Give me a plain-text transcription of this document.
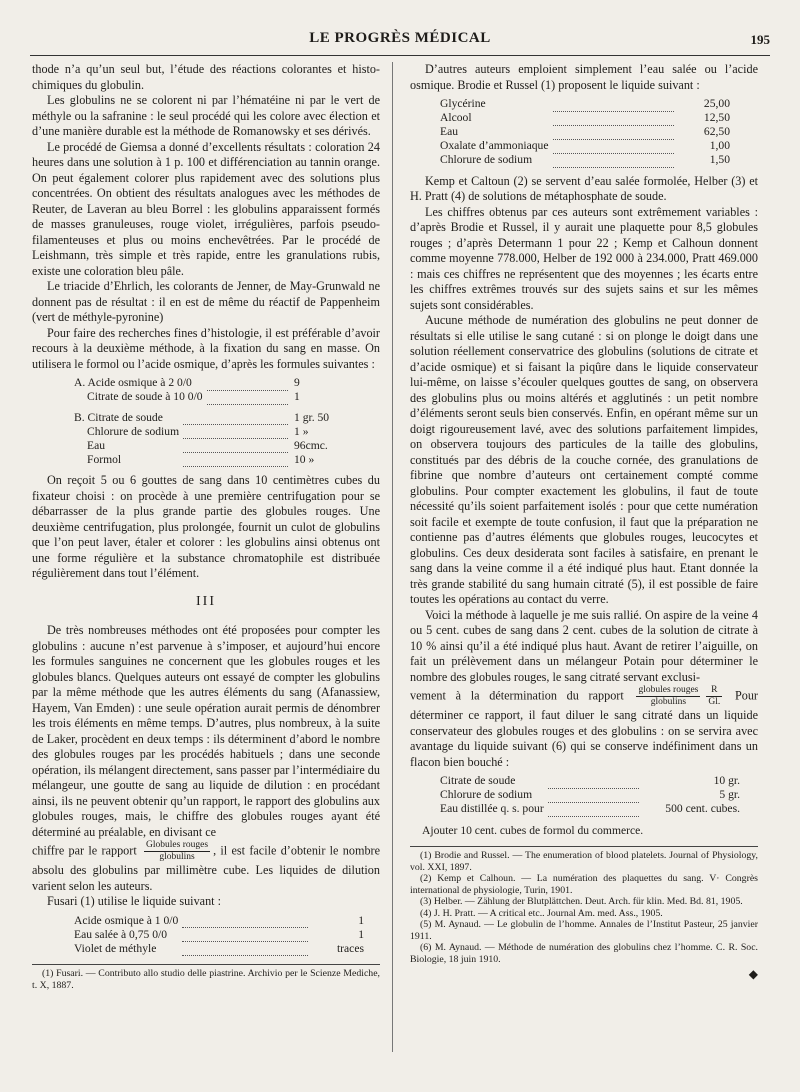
LE PROGRÈS MÉDICAL	195

thode n’a qu’un seul but, l’étude des réactions colorantes et histo-chimiques du globulin.

Les globulins ne se colorent ni par l’hématéine ni par le vert de méthyle ou la safranine : le seul procédé qui les colore avec élection et d’une manière durable est la méthode de Romanowsky et ses dérivés.

Le procédé de Giemsa a donné d’excellents résultats : coloration 24 heures dans une solution à 1 p. 100 et différenciation au tannin orange. On peut également colorer plus rapidement avec des solutions plus concentrées. On obtient des résultats analogues avec les méthodes de Reuter, de Laveran au bleu Borrel : les globulins apparaissent formés de masses granuleuses, rouge violet, irrégulières, parfois pseudo-filamenteuses et plus ou moins enchevêtrées. Par le procédé de Leishmann, très simple et très rapide, entre les granulations rubis, existe une coloration bleu pâle.

Le triacide d’Ehrlich, les colorants de Jenner, de May-Grunwald ne donnent pas de résultat : il en est de même du réactif de Pappenheim (vert de méthyle-pyronine)

Pour faire des recherches fines d’histologie, il est préférable d’avoir recours à la deuxième méthode, à la fixation du sang en masse. On utilisera le formol ou l’acide osmique, d’après les formules suivantes :

A. Acide osmique à 2 0/0		9
Citrate de soude à 10 0/0		1
B. Citrate de soude		1 gr. 50
Chlorure de sodium		1 »
Eau		96cmc.
Formol		10 »

On reçoit 5 ou 6 gouttes de sang dans 10 centimètres cubes du fixateur choisi : on procède à une première centrifugation pour se débarrasser de la plus grande partie des globules rouges. Une deuxième centrifugation, plus prolongée, fournit un culot de globulins que l’on peut laver, étaler et colorer : les globulins ainsi obtenus ont une forme régulière et la substance chromatophile est distribuée régulièrement dans tout l’élément.

III

De très nombreuses méthodes ont été proposées pour compter les globulins : aucune n’est parvenue à s’imposer, et aujourd’hui encore les formules sanguines ne concernent que les globules rouges et les globules blancs. Quelques auteurs ont essayé de compter les globulins par la même méthode que les autres éléments du sang (Afanassiew, Hayem, Van Emden) : une seule opération aurait permis de dénombrer les trois éléments en même temps. D’autres, plus nombreux, à la suite de Laker, procèdent en deux temps : ils déterminent d’abord le nombre des globules rouges par les procédés habituels ; dans une seconde opération, ils mélangent directement, sans passer par l’intermédiaire du mélangeur, une goutte de sang au liquide de dilution : en procédant ainsi, ils ne peuvent obtenir qu’un rapport, le rapport des globulins aux globules rouges, mais, le chiffre des globules rouges ayant été déterminé au préalable, en divisant ce

chiffre par le rapport $\frac{\text{Globules rouges}}{\text{globulins}}$ , il est facile d’obtenir le nombre absolu des globulins par millimètre cube. Les liquides de dilution varient selon les auteurs.

Fusari (1) utilise le liquide suivant :

Acide osmique à 1 0/0		1
Eau salée à 0,75 0/0		1
Violet de méthyle		traces

(1) Fusari. — Contributo allo studio delle piastrine. Archivio per le Scienze Mediche, t. X, 1887.

D’autres auteurs emploient simplement l’eau salée ou l’acide osmique. Brodie et Russel (1) proposent le liquide suivant :

Glycérine		25,00
Alcool		12,50
Eau		62,50
Oxalate d’ammoniaque		1,00
Chlorure de sodium		1,50

Kemp et Caltoun (2) se servent d’eau salée formolée, Helber (3) et H. Pratt (4) de solutions de métaphosphate de soude.

Les chiffres obtenus par ces auteurs sont extrêmement variables : d’après Brodie et Russel, il y aurait une plaquette pour 8,5 globules rouges ; d’après Determann 1 pour 22 ; Kemp et Calhoun donnent comme moyenne 778.000, Helber de 192 000 à 234.000, Pratt 469.000 : mais ces chiffres ne représentent que des moyennes ; les écarts entre les chiffres extrêmes trouvés sur des sujets sains et sur les mêmes sujets sont considérables.

Aucune méthode de numération des globulins ne peut donner de résultats si elle utilise le sang cutané : si on plonge le doigt dans une solution réellement conservatrice des globulins (solutions de citrate et d’acide osmique) et si faisant la piqûre dans le liquide conservateur lui-même, on laisse s’écouler quelques gouttes de sang, on observera des globulins plus ou moins altérés et agglutinés : un petit nombre d’éléments seront seuls bien conservés. Enfin, en opérant même sur un doigt rigoureusement lavé, avec des solutions parfaitement limpides, on observera toujours des particules de la taille des globulins, constitués par des débris de la couche cornée, des granulations de fibrine que nombre d’auteurs ont certainement compté comme globulins. Pour compter exactement les globulins, il faut de toute nécessité qu’ils soient parfaitement isolés : pour que cette numération soit facile et exempte de toute confusion, il faut que la préparation ne contienne pas d’autres éléments que globules rouges, leucocytes et globulins. Ces deux desiderata sont faciles à satisfaire, en prenant le sang dans la veine comme il a été indiqué plus haut. Etant donnée la très grande stabilité du sang humain citraté (5), il est possible de faire toutes les opérations au contact du verre.

Voici la méthode à laquelle je me suis rallié. On aspire de la veine 4 ou 5 cent. cubes de sang dans 2 cent. cubes de la solution de citrate à 10 % ainsi qu’il a été indiqué plus haut. Avant de retirer l’aiguille, on fait un prélèvement dans un mélangeur Potain pour déterminer le nombre des globules rouges, le sang citraté servant exclusi-

vement à la détermination du rapport $\frac{\text{globules rouges}}{\text{globulins}} \frac{R}{Gl.}$ Pour déterminer ce rapport, il faut diluer le sang citraté dans un liquide conservateur des globules rouges et des globulins : on se servira avec avantage du liquide suivant (6) qui se conserve indéfiniment dans un flacon bien bouché :

Citrate de soude		10 gr.
Chlorure de sodium		5 gr.
Eau distillée q. s. pour		500 cent. cubes.

Ajouter 10 cent. cubes de formol du commerce.

(1) Brodie and Russel. — The enumeration of blood platelets. Journal of Physiology, vol. XXI, 1897.

(2) Kemp et Calhoun. — La numération des plaquettes du sang. V· Congrès international de physiologie, Turin, 1901.

(3) Helber. — Zählung der Blutplättchen. Deut. Arch. für klin. Med. Bd. 81, 1905.

(4) J. H. Pratt. — A critical etc.. Journal Am. med. Ass., 1905.

(5) M. Aynaud. — Le globulin de l’homme. Annales de l’Institut Pasteur, 25 janvier 1911.

(6) M. Aynaud. — Méthode de numération des globulins chez l’homme. C. R. Soc. Biologie, 18 juin 1910.

◆
